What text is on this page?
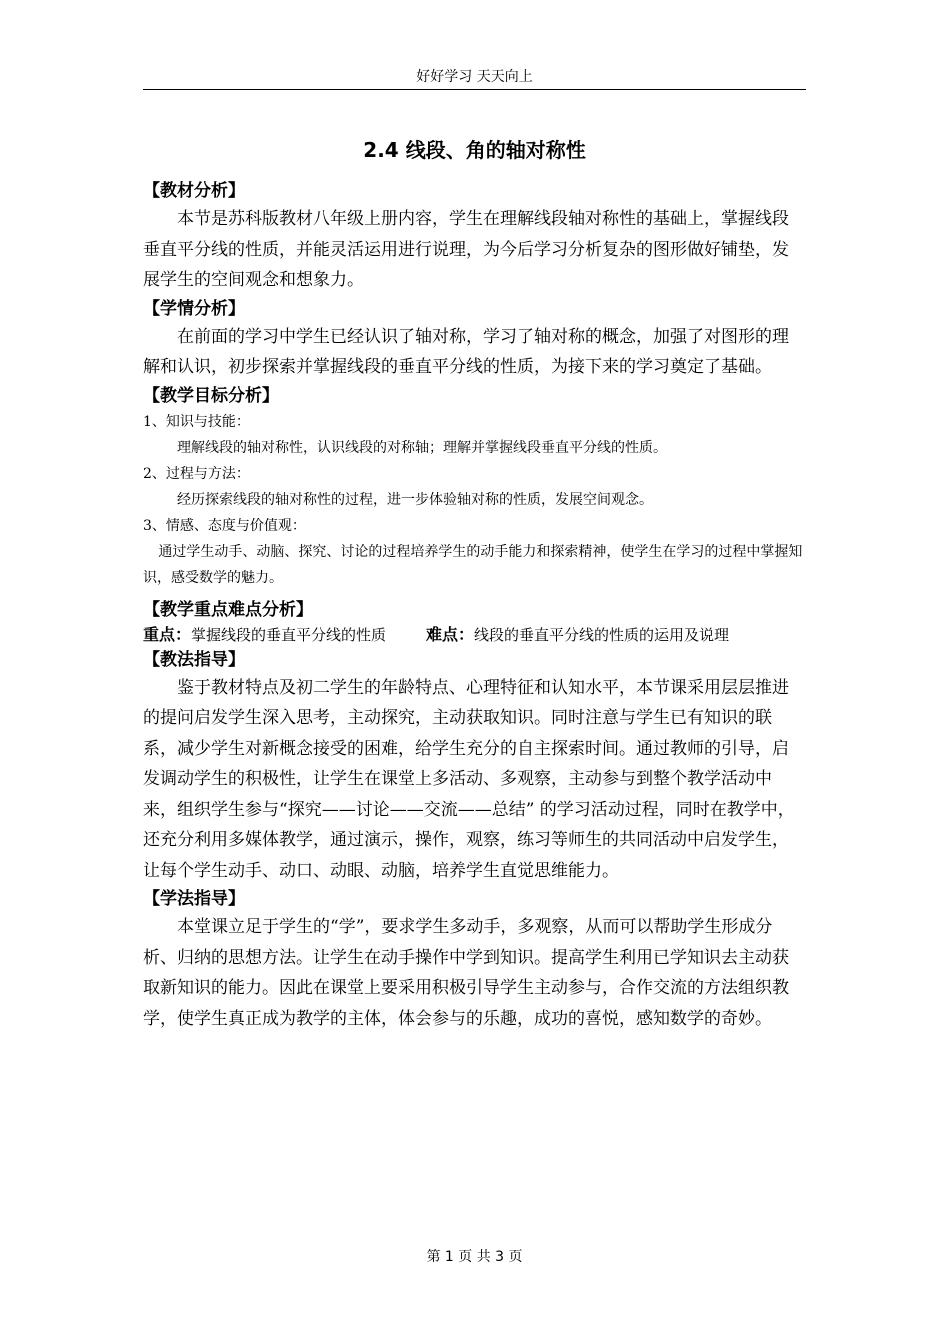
好好学习 天天向上
2.4 线段、角的轴对称性

【教材分析】

本节是苏科版教材八年级上册内容，学生在理解线段轴对称性的基础上，掌握线段垂直平分线的性质，并能灵活运用进行说理，为今后学习分析复杂的图形做好铺垫，发展学生的空间观念和想象力。

【学情分析】

在前面的学习中学生已经认识了轴对称，学习了轴对称的概念，加强了对图形的理解和认识，初步探索并掌握线段的垂直平分线的性质，为接下来的学习奠定了基础。

【教学目标分析】

1、知识与技能：

理解线段的轴对称性，认识线段的对称轴；理解并掌握线段垂直平分线的性质。

2、过程与方法：

经历探索线段的轴对称性的过程，进一步体验轴对称的性质，发展空间观念。

3、情感、态度与价值观：

通过学生动手、动脑、探究、讨论的过程培养学生的动手能力和探索精神，使学生在学习的过程中掌握知识，感受数学的魅力。

【教学重点难点分析】

重点：掌握线段的垂直平分线的性质	难点：线段的垂直平分线的性质的运用及说理

【教法指导】

鉴于教材特点及初二学生的年龄特点、心理特征和认知水平，本节课采用层层推进的提问启发学生深入思考，主动探究，主动获取知识。同时注意与学生已有知识的联系，减少学生对新概念接受的困难，给学生充分的自主探索时间。通过教师的引导，启发调动学生的积极性，让学生在课堂上多活动、多观察，主动参与到整个教学活动中来，组织学生参与“探究——讨论——交流——总结” 的学习活动过程，同时在教学中，还充分利用多媒体教学，通过演示，操作，观察，练习等师生的共同活动中启发学生，让每个学生动手、动口、动眼、动脑，培养学生直觉思维能力。

【学法指导】

本堂课立足于学生的“学”，要求学生多动手，多观察，从而可以帮助学生形成分析、归纳的思想方法。让学生在动手操作中学到知识。提高学生利用已学知识去主动获取新知识的能力。因此在课堂上要采用积极引导学生主动参与，合作交流的方法组织教学，使学生真正成为教学的主体，体会参与的乐趣，成功的喜悦，感知数学的奇妙。

第 1 页 共 3 页
